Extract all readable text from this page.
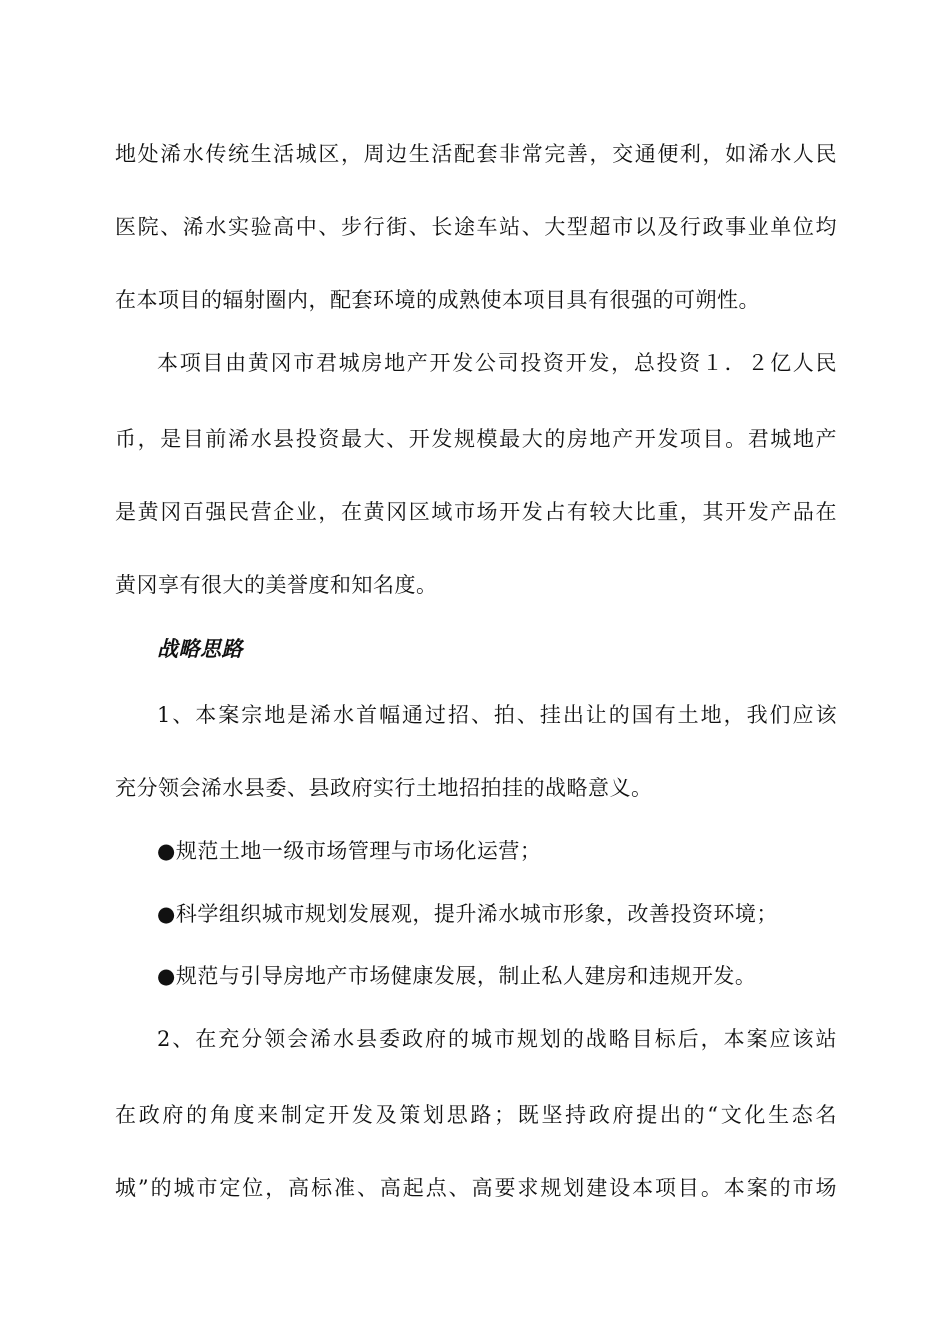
地处浠水传统生活城区，周边生活配套非常完善，交通便利，如浠水人民
医院、浠水实验高中、步行街、长途车站、大型超市以及行政事业单位均
在本项目的辐射圈内，配套环境的成熟使本项目具有很强的可朔性。
本项目由黄冈市君城房地产开发公司投资开发，总投资１．２亿人民
币，是目前浠水县投资最大、开发规模最大的房地产开发项目。君城地产
是黄冈百强民营企业，在黄冈区域市场开发占有较大比重，其开发产品在
黄冈享有很大的美誉度和知名度。
战略思路
1、本案宗地是浠水首幅通过招、拍、挂出让的国有土地，我们应该
充分领会浠水县委、县政府实行土地招拍挂的战略意义。
●规范土地一级市场管理与市场化运营；
●科学组织城市规划发展观，提升浠水城市形象，改善投资环境；
●规范与引导房地产市场健康发展，制止私人建房和违规开发。
2、在充分领会浠水县委政府的城市规划的战略目标后，本案应该站
在政府的角度来制定开发及策划思路；既坚持政府提出的“文化生态名
城”的城市定位，高标准、高起点、高要求规划建设本项目。本案的市场
